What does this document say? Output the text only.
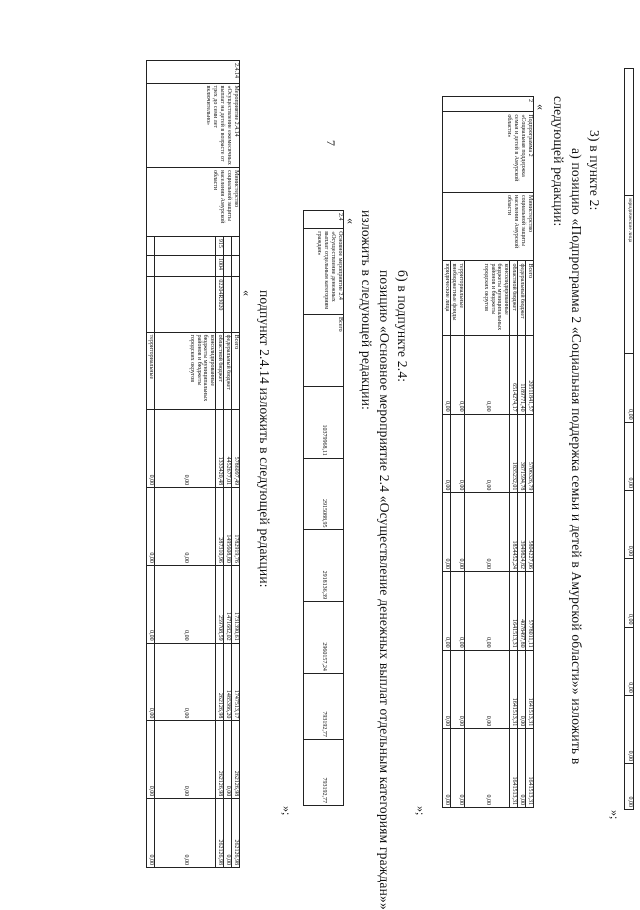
7
	юридические лица	0,00	0,00	0,00	0,00	0,00	0,00	0,00
»;
3) в пункте 2:
а) позицию «Подпрограмма 2 «Социальная поддержка семьи и детей в Амурской области»» изложить в
следующей редакции:
«
2	Подпрограмма 2 «Социальная поддержка семьи и детей в Амурской области»	Министерство социальной защиты населения Амурской области	Всего	20511841,57	5706326,79	5804227,06	5778011,11	1641513,31	1641513,31
			федеральный бюджет	1189771,40	3871594,78	3949824,82	4078497,80	0,00	0,00
			областной бюджет	6514274,17	1835232,01	1854452,24	1641513,31	1641513,31	1641513,31
			консолидированные бюджеты муниципальных районов и бюджеты городских округов	0,00	0,00	0,00	0,00	0,00	0,00
			территориальные внебюджетные фонды	0,00	0,00	0,00	0,00	0,00	0,00
			юридические лица	0,00	0,00	0,00	0,00	0,00	0,00
»;
б) в подпункте 2.4:
позицию «Основное мероприятие 2.4 «Осуществление денежных выплат отдельным категориям граждан»»
изложить в следующей редакции:
«
2.4	Основное мероприятие 2.4 «Осуществление денежных выплат отдельным категориям граждан»	Всего	10379968,11	2915088,95	2918136,39	2960157,24	793192,77	793192,77
»;
подпункт 2.4.14 изложить в следующей редакции:
«
2.4.14	Мероприятие 2.4.14 «Осуществление ежемесячных выплат на детей в возрасте от трех до семи лет включительно»	Министерство социальной защиты населения Амурской области				Всего	5786097,49	1782919,76	1731390,61	1747513,17	262126,98	262126,98
						федеральный бюджет	4452677,01	1495608,80	1471682,02	1485386,20	0,00	0,00
			915	1004	02204R3020	областной бюджет	1333420,48	287310,96	259708,59	262126,98	262126,98	262126,98
						консолидированные бюджеты муниципальных районов и бюджеты городских округов	0,00	0,00	0,00	0,00	0,00	0,00
						территориальные	0,00	0,00	0,00	0,00	0,00	0,00
